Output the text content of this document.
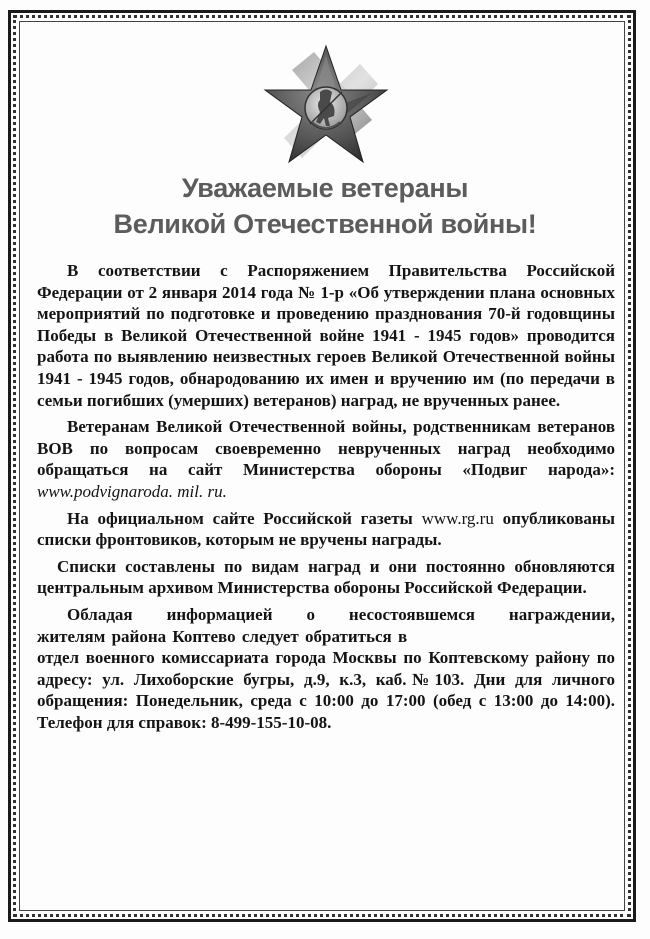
Уважаемые ветераны
Великой Отечественной войны!

В соответствии с Распоряжением Правительства Российской Федерации от 2 января 2014 года № 1-р «Об утверждении плана основных мероприятий по подготовке и проведению празднования 70-й годовщины Победы в Великой Отечественной войне 1941 - 1945 годов» проводится работа по выявлению неизвестных героев Великой Отечественной войны 1941 - 1945 годов, обнародованию их имен и вручению им (по передачи в семьи погибших (умерших) ветеранов) наград, не врученных ранее.

Ветеранам Великой Отечественной войны, родственникам ветеранов ВОВ по вопросам своевременно неврученных наград необходимо обращаться на сайт Министерства обороны «Подвиг народа»: www.podvignaroda. mil. ru.

На официальном сайте Российской газеты www.rg.ru опубликованы списки фронтовиков, которым не вручены награды.

Списки составлены по видам наград и они постоянно обновляются центральным архивом Министерства обороны Российской Федерации.

Обладая информацией о несостоявшемся награждении,
жителям района Коптево следует обратиться в
отдел военного комиссариата города Москвы по Коптевскому району по адресу: ул. Лихоборские бугры, д.9, к.3, каб.№103. Дни для личного обращения: Понедельник, среда с 10:00 до 17:00 (обед с 13:00 до 14:00). Телефон для справок: 8-499-155-10-08.
